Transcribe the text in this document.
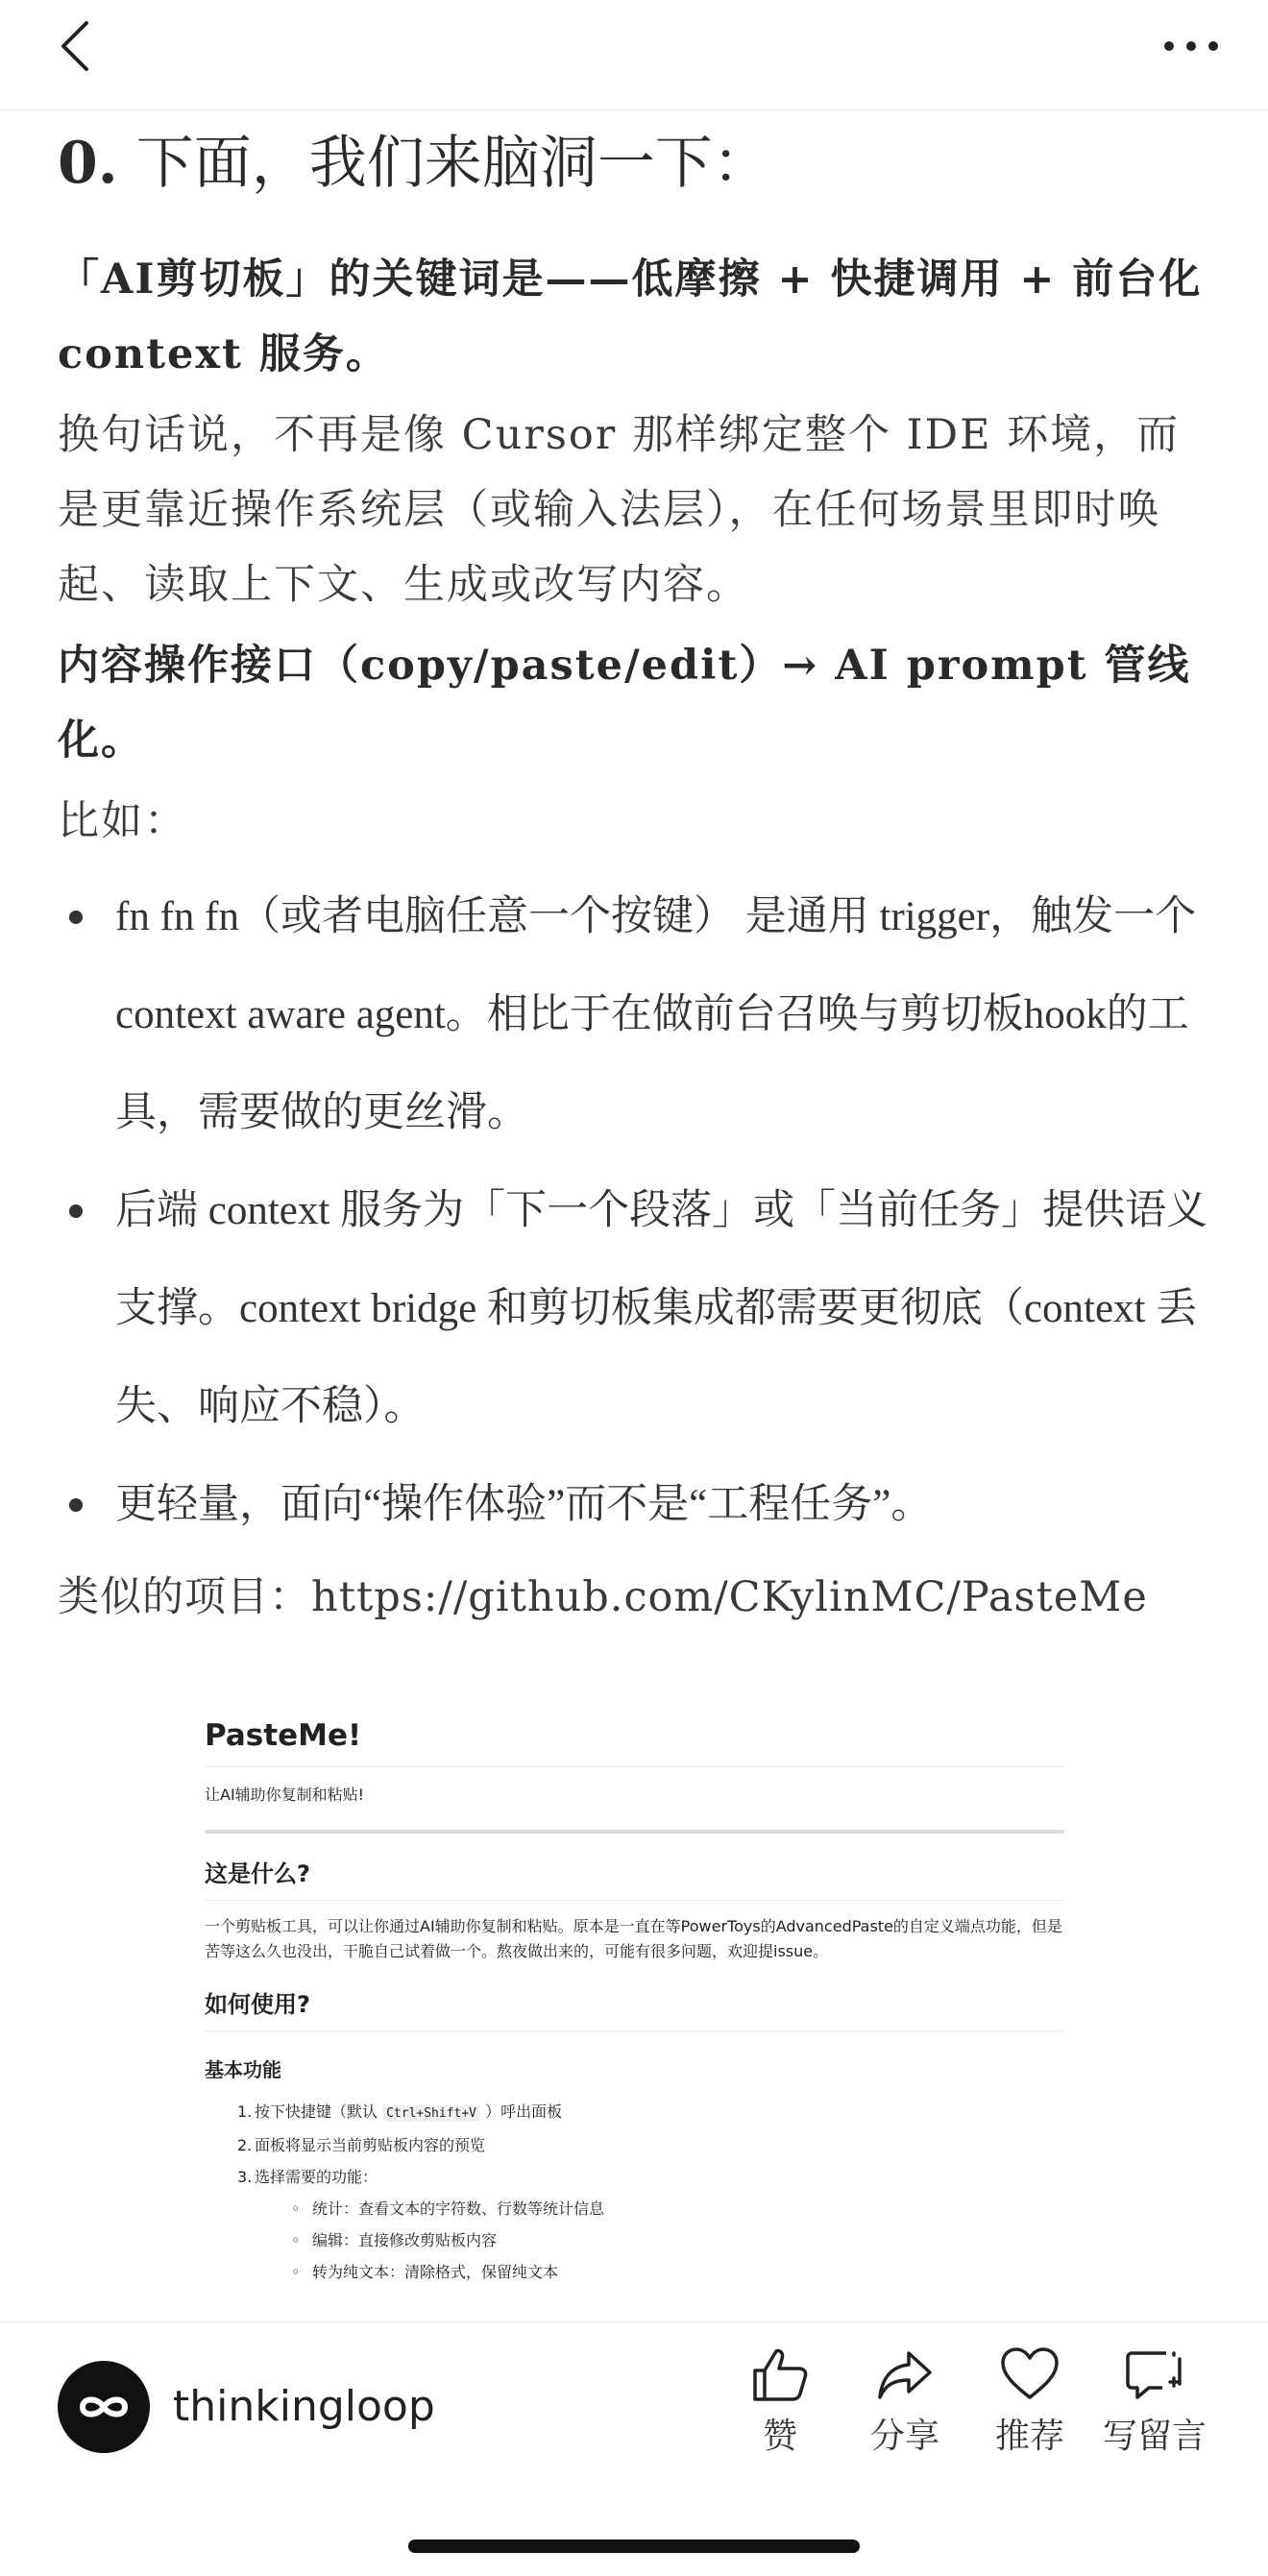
0. 下面，我们来脑洞一下：

「AI剪切板」的关键词是——低摩擦 + 快捷调用 + 前台化 context 服务。

换句话说，不再是像 Cursor 那样绑定整个 IDE 环境，而是更靠近操作系统层（或输入法层），在任何场景里即时唤起、读取上下文、生成或改写内容。

内容操作接口（copy/paste/edit）→ AI prompt 管线化。

比如：

fn fn fn（或者电脑任意一个按键） 是通用 trigger，触发一个 context aware agent。相比于在做前台召唤与剪切板hook的工具，需要做的更丝滑。
后端 context 服务为「下一个段落」或「当前任务」提供语义支撑。context bridge 和剪切板集成都需要更彻底（context 丢失、响应不稳）。
更轻量，面向“操作体验”而不是“工程任务”。

类似的项目：https://github.com/CKylinMC/PasteMe

PasteMe!
让AI辅助你复制和粘贴!
这是什么?
一个剪贴板工具，可以让你通过AI辅助你复制和粘贴。原本是一直在等PowerToys的AdvancedPaste的自定义端点功能，但是苦等这么久也没出，干脆自己试着做一个。熬夜做出来的，可能有很多问题，欢迎提issue。
如何使用?
基本功能
1. 按下快捷键（默认 Ctrl+Shift+V ）呼出面板
2. 面板将显示当前剪贴板内容的预览
3. 选择需要的功能：
◦ 统计：查看文本的字符数、行数等统计信息
◦ 编辑：直接修改剪贴板内容
◦ 转为纯文本：清除格式，保留纯文本
thinkingloop
赞 分享 推荐 写留言
